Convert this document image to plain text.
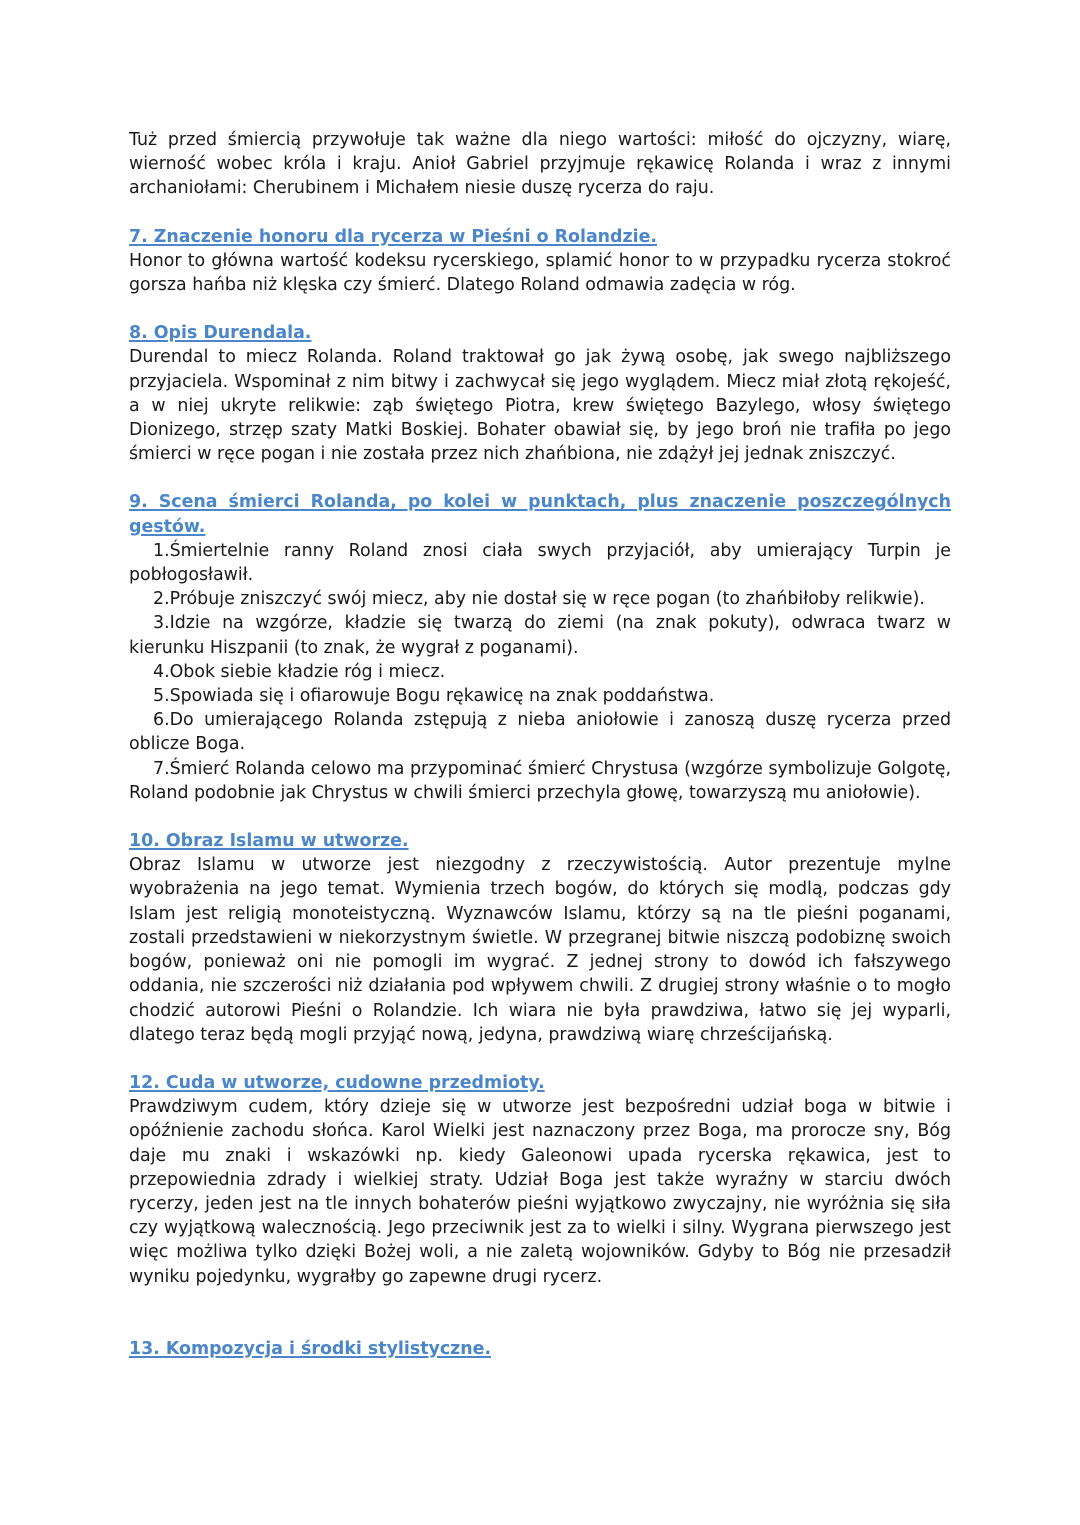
Tuż przed śmiercią przywołuje tak ważne dla niego wartości: miłość do ojczyzny, wiarę, wierność wobec króla i kraju. Anioł Gabriel przyjmuje rękawicę Rolanda i wraz z innymi archaniołami: Cherubinem i Michałem niesie duszę rycerza do raju.

7. Znaczenie honoru dla rycerza w Pieśni o Rolandzie.

Honor to główna wartość kodeksu rycerskiego, splamić honor to w przypadku rycerza stokroć gorsza hańba niż klęska czy śmierć. Dlatego Roland odmawia zadęcia w róg.

8. Opis Durendala.

Durendal to miecz Rolanda. Roland traktował go jak żywą osobę, jak swego najbliższego przyjaciela. Wspominał z nim bitwy i zachwycał się jego wyglądem. Miecz miał złotą rękojeść, a w niej ukryte relikwie: ząb świętego Piotra, krew świętego Bazylego, włosy świętego Dionizego, strzęp szaty Matki Boskiej. Bohater obawiał się, by jego broń nie trafiła po jego śmierci w ręce pogan i nie została przez nich zhańbiona, nie zdążył jej jednak zniszczyć.

9. Scena śmierci Rolanda, po kolei w punktach, plus znaczenie poszczególnych gestów.

1.Śmiertelnie ranny Roland znosi ciała swych przyjaciół, aby umierający Turpin je pobłogosławił.

2.Próbuje zniszczyć swój miecz, aby nie dostał się w ręce pogan (to zhańbiłoby relikwie).

3.Idzie na wzgórze, kładzie się twarzą do ziemi (na znak pokuty), odwraca twarz w kierunku Hiszpanii (to znak, że wygrał z poganami).

4.Obok siebie kładzie róg i miecz.

5.Spowiada się i ofiarowuje Bogu rękawicę na znak poddaństwa.

6.Do umierającego Rolanda zstępują z nieba aniołowie i zanoszą duszę rycerza przed oblicze Boga.

7.Śmierć Rolanda celowo ma przypominać śmierć Chrystusa (wzgórze symbolizuje Golgotę, Roland podobnie jak Chrystus w chwili śmierci przechyla głowę, towarzyszą mu aniołowie).

10. Obraz Islamu w utworze.

Obraz Islamu w utworze jest niezgodny z rzeczywistością. Autor prezentuje mylne wyobrażenia na jego temat. Wymienia trzech bogów, do których się modlą, podczas gdy Islam jest religią monoteistyczną. Wyznawców Islamu, którzy są na tle pieśni poganami, zostali przedstawieni w niekorzystnym świetle. W przegranej bitwie niszczą podobiznę swoich bogów, ponieważ oni nie pomogli im wygrać. Z jednej strony to dowód ich fałszywego oddania, nie szczerości niż działania pod wpływem chwili. Z drugiej strony właśnie o to mogło chodzić autorowi Pieśni o Rolandzie. Ich wiara nie była prawdziwa, łatwo się jej wyparli, dlatego teraz będą mogli przyjąć nową, jedyna, prawdziwą wiarę chrześcijańską.

12. Cuda w utworze, cudowne przedmioty.

Prawdziwym cudem, który dzieje się w utworze jest bezpośredni udział boga w bitwie i opóźnienie zachodu słońca. Karol Wielki jest naznaczony przez Boga, ma prorocze sny, Bóg daje mu znaki i wskazówki np. kiedy Galeonowi upada rycerska rękawica, jest to przepowiednia zdrady i wielkiej straty. Udział Boga jest także wyraźny w starciu dwóch rycerzy, jeden jest na tle innych bohaterów pieśni wyjątkowo zwyczajny, nie wyróżnia się siła czy wyjątkową walecznością. Jego przeciwnik jest za to wielki i silny. Wygrana pierwszego jest więc możliwa tylko dzięki Bożej woli, a nie zaletą wojowników. Gdyby to Bóg nie przesadził wyniku pojedynku, wygrałby go zapewne drugi rycerz.

13. Kompozycja i środki stylistyczne.
